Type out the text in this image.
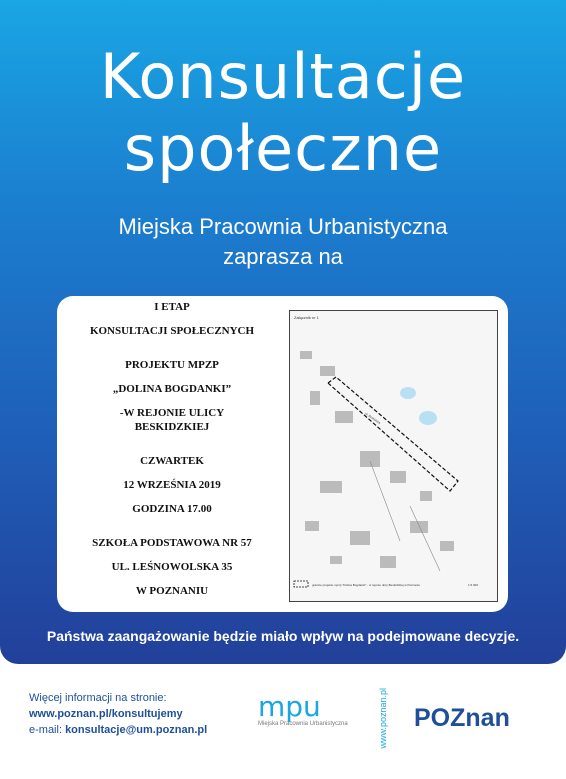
Konsultacje
społeczne
Miejska Pracownia Urbanistyczna
zaprasza na
I ETAP
KONSULTACJI SPOŁECZNYCH
PROJEKTU MPZP
„DOLINA BOGDANKI”
-W REJONIE ULICY
BESKIDZKIEJ
CZWARTEK
12 WRZEŚNIA 2019
GODZINA 17.00
SZKOŁA PODSTAWOWA NR 57
UL. LEŚNOWOLSKA 35
W POZNANIU
Załącznik nr 1
ul. Beskidzka
granice projektu mpzp "Dolina Bogdanki" - w rejonie ulicy Beskidzkiej w Poznaniu	1:5 000
Państwa zaangażowanie będzie miało wpływ na podejmowane decyzje.
Więcej informacji na stronie:
www.poznan.pl/konsultujemy
e-mail: konsultacje@um.poznan.pl
mpu
Miejska Pracownia Urbanistyczna	www.poznan.pl POZnan
